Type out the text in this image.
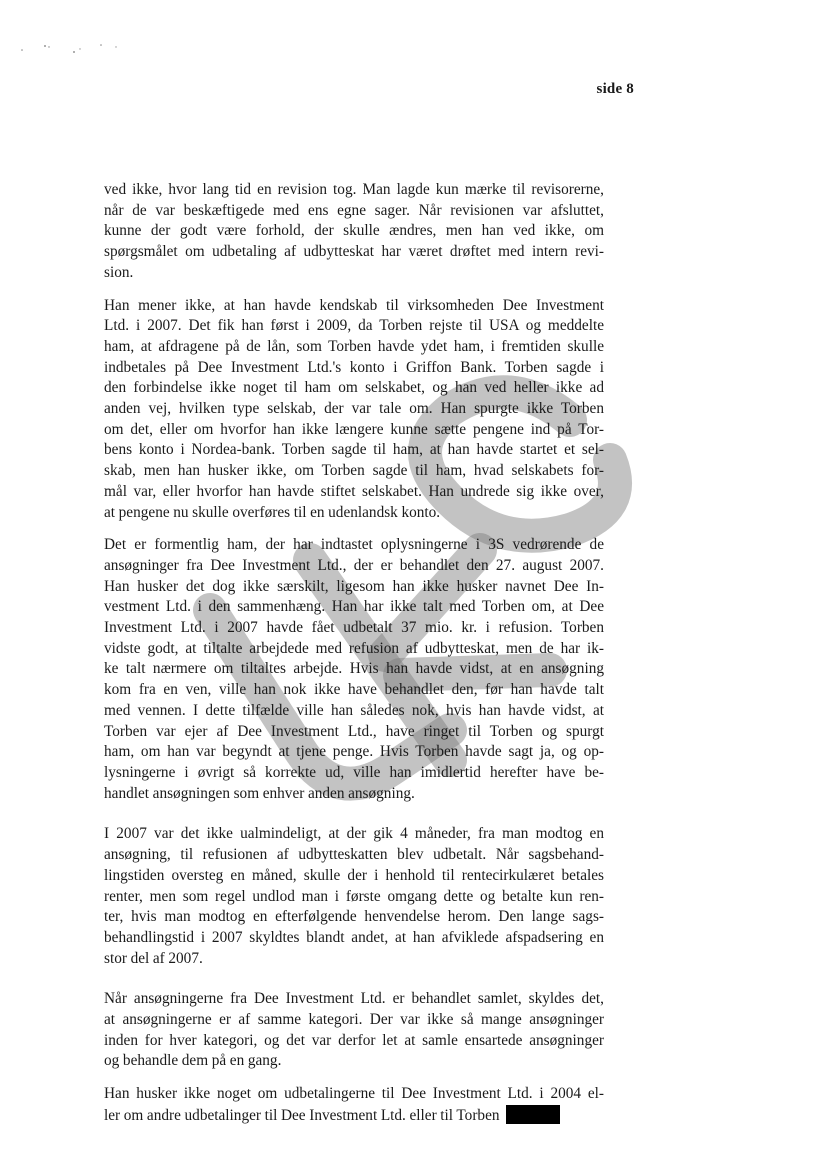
side 8

ved ikke, hvor lang tid en revision tog. Man lagde kun mærke til revisorerne,
når de var beskæftigede med ens egne sager. Når revisionen var afsluttet,
kunne der godt være forhold, der skulle ændres, men han ved ikke, om
spørgsmålet om udbetaling af udbytteskat har været drøftet med intern revi-
sion.

Han mener ikke, at han havde kendskab til virksomheden Dee Investment
Ltd. i 2007. Det fik han først i 2009, da Torben rejste til USA og meddelte
ham, at afdragene på de lån, som Torben havde ydet ham, i fremtiden skulle
indbetales på Dee Investment Ltd.'s konto i Griffon Bank. Torben sagde i
den forbindelse ikke noget til ham om selskabet, og han ved heller ikke ad
anden vej, hvilken type selskab, der var tale om. Han spurgte ikke Torben
om det, eller om hvorfor han ikke længere kunne sætte pengene ind på Tor-
bens konto i Nordea-bank. Torben sagde til ham, at han havde startet et sel-
skab, men han husker ikke, om Torben sagde til ham, hvad selskabets for-
mål var, eller hvorfor han havde stiftet selskabet. Han undrede sig ikke over,
at pengene nu skulle overføres til en udenlandsk konto.

Det er formentlig ham, der har indtastet oplysningerne i 3S vedrørende de
ansøgninger fra Dee Investment Ltd., der er behandlet den 27. august 2007.
Han husker det dog ikke særskilt, ligesom han ikke husker navnet Dee In-
vestment Ltd. i den sammenhæng. Han har ikke talt med Torben om, at Dee
Investment Ltd. i 2007 havde fået udbetalt 37 mio. kr. i refusion. Torben
vidste godt, at tiltalte arbejdede med refusion af udbytteskat, men de har ik-
ke talt nærmere om tiltaltes arbejde. Hvis han havde vidst, at en ansøgning
kom fra en ven, ville han nok ikke have behandlet den, før han havde talt
med vennen. I dette tilfælde ville han således nok, hvis han havde vidst, at
Torben var ejer af Dee Investment Ltd., have ringet til Torben og spurgt
ham, om han var begyndt at tjene penge. Hvis Torben havde sagt ja, og op-
lysningerne i øvrigt så korrekte ud, ville han imidlertid herefter have be-
handlet ansøgningen som enhver anden ansøgning.

I 2007 var det ikke ualmindeligt, at der gik 4 måneder, fra man modtog en
ansøgning, til refusionen af udbytteskatten blev udbetalt. Når sagsbehand-
lingstiden oversteg en måned, skulle der i henhold til rentecirkulæret betales
renter, men som regel undlod man i første omgang dette og betalte kun ren-
ter, hvis man modtog en efterfølgende henvendelse herom. Den lange sags-
behandlingstid i 2007 skyldtes blandt andet, at han afviklede afspadsering en
stor del af 2007.

Når ansøgningerne fra Dee Investment Ltd. er behandlet samlet, skyldes det,
at ansøgningerne er af samme kategori. Der var ikke så mange ansøgninger
inden for hver kategori, og det var derfor let at samle ensartede ansøgninger
og behandle dem på en gang.

Han husker ikke noget om udbetalingerne til Dee Investment Ltd. i 2004 el-
ler om andre udbetalinger til Dee Investment Ltd. eller til Torben
